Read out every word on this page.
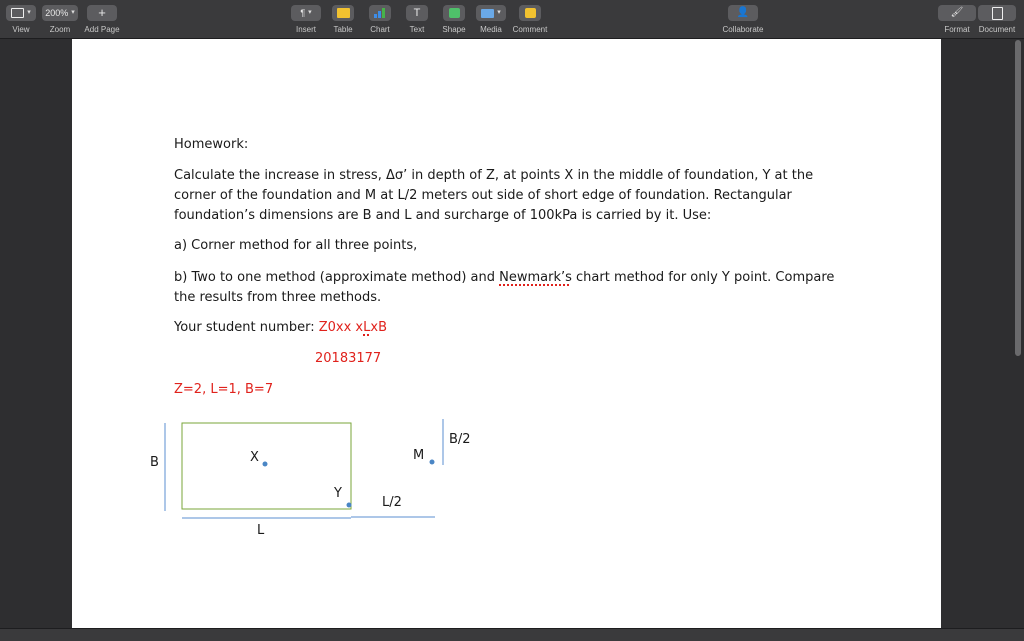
▾
View
200% ▾
Zoom
+
Add Page
¶ ▾
Insert	Table	Chart
T
Text	Shape
▾
Media	Comment
👤
Collaborate
🖌
Format	Document
Homework:
Calculate the increase in stress, Δσ’ in depth of Z, at points X in the middle of foundation, Y at the corner of the foundation and M at L/2 meters out side of short edge of foundation. Rectangular foundation’s dimensions are B and L and surcharge of 100kPa is carried by it. Use:
a) Corner method for all three points,
b) Two to one method (approximate method) and Newmark’s chart method for only Y point. Compare the results from three methods.
Your student number: Z0xx xLxB
20183177
Z=2, L=1, B=7
B	X
Y
M
B/2
L/2
L
